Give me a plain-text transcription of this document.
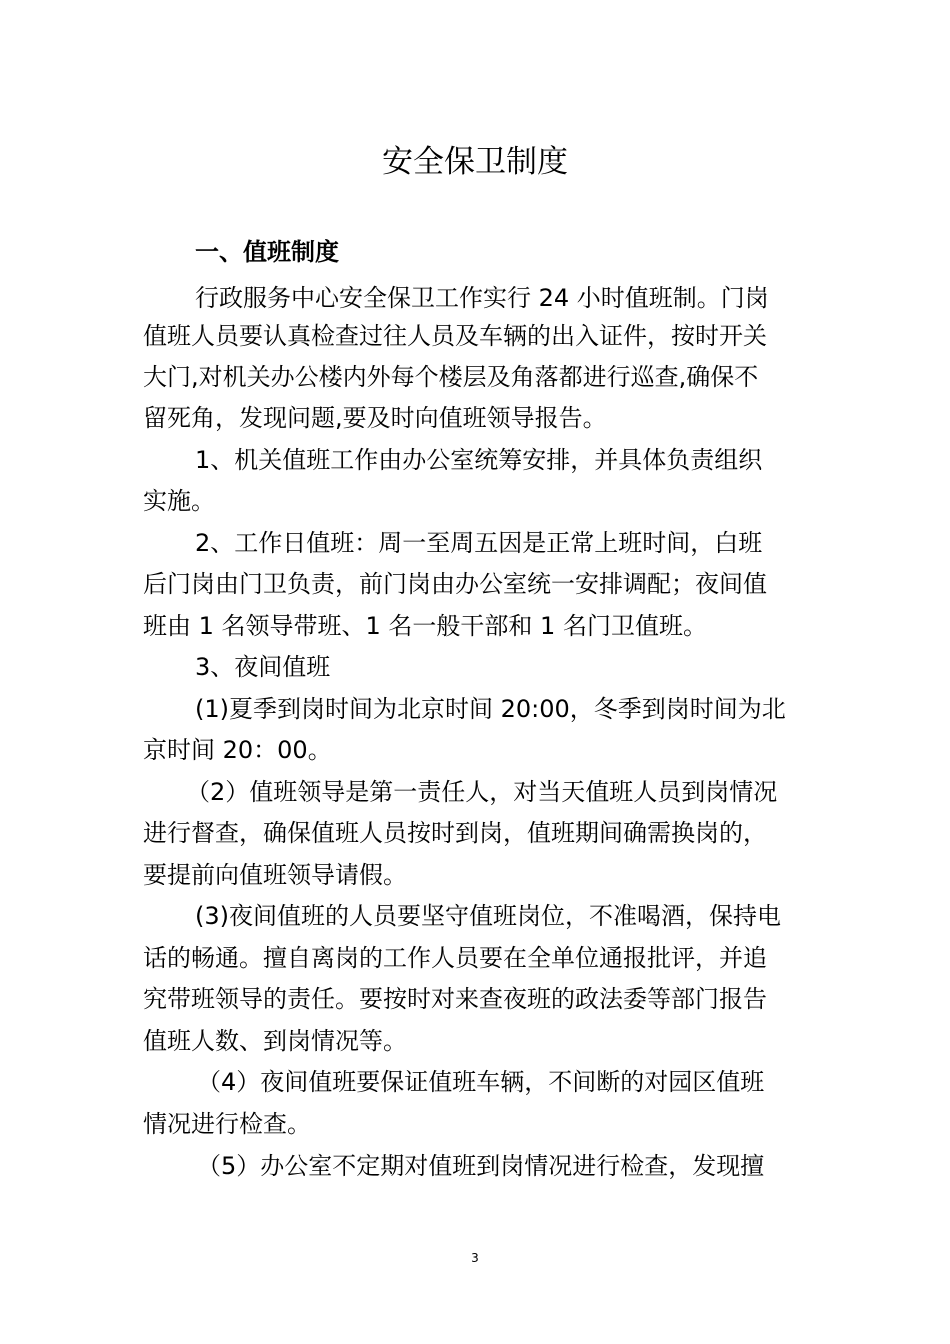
安全保卫制度
一、值班制度
行政服务中心安全保卫工作实行 24 小时值班制。门岗
值班人员要认真检查过往人员及车辆的出入证件，按时开关
大门,对机关办公楼内外每个楼层及角落都进行巡查,确保不
留死角，发现问题,要及时向值班领导报告。
1、机关值班工作由办公室统筹安排，并具体负责组织
实施。
2、工作日值班：周一至周五因是正常上班时间，白班
后门岗由门卫负责，前门岗由办公室统一安排调配；夜间值
班由 1 名领导带班、1 名一般干部和 1 名门卫值班。
3、夜间值班
(1)夏季到岗时间为北京时间 20:00，冬季到岗时间为北
京时间 20：00。
（2）值班领导是第一责任人，对当天值班人员到岗情况
进行督查，确保值班人员按时到岗，值班期间确需换岗的，
要提前向值班领导请假。
(3)夜间值班的人员要坚守值班岗位，不准喝酒，保持电
话的畅通。擅自离岗的工作人员要在全单位通报批评，并追
究带班领导的责任。要按时对来查夜班的政法委等部门报告
值班人数、到岗情况等。
（4）夜间值班要保证值班车辆，不间断的对园区值班
情况进行检查。
（5）办公室不定期对值班到岗情况进行检查，发现擅
3
